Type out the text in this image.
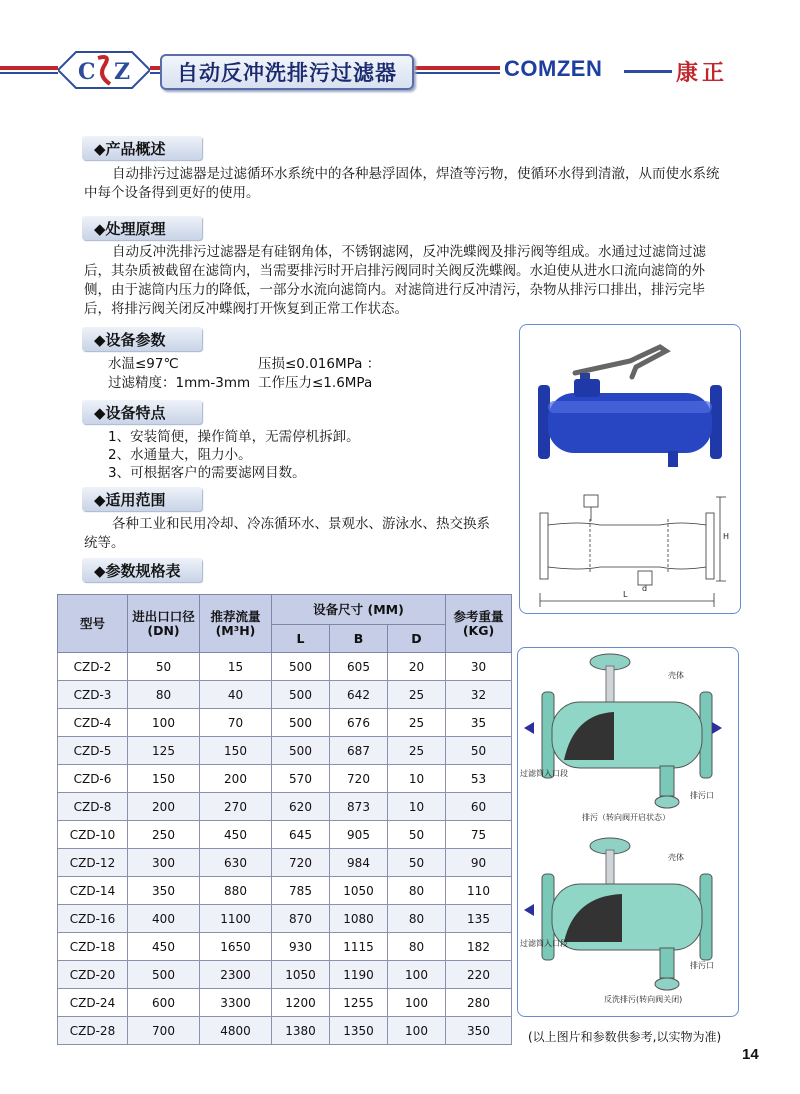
C Z 自动反冲洗排污过滤器	COMZEN	康正
◆产品概述
自动排污过滤器是过滤循环水系统中的各种悬浮固体，焊渣等污物，使循环水得到清澈，从而使水系统中每个设备得到更好的使用。
◆处理原理
自动反冲洗排污过滤器是有硅钢角体，不锈钢滤网，反冲洗蝶阀及排污阀等组成。水通过过滤筒过滤后，其杂质被截留在滤筒内，当需要排污时开启排污阀同时关阀反洗蝶阀。水迫使从进水口流向滤筒的外侧，由于滤筒内压力的降低，一部分水流向滤筒内。对滤筒进行反冲清污，杂物从排污口排出，排污完毕后，将排污阀关闭反冲蝶阀打开恢复到正常工作状态。
◆设备参数
水温≤97℃	压损≤0.016MPa ：
过滤精度：1mm-3mm 工作压力≤1.6MPa
◆设备特点
1、安装简便，操作简单，无需停机拆卸。
2、水通量大，阻力小。
3、可根据客户的需要滤网目数。
◆适用范围
各种工业和民用冷却、冷冻循环水、景观水、游泳水、热交换系统等。
◆参数规格表
型号	进出口口径(DN)	推荐流量(M³H)	设备尺寸 (MM)			参考重量(KG)
			L	B	D	
CZD-2	50	15	500	605	20	30
CZD-3	80	40	500	642	25	32
CZD-4	100	70	500	676	25	35
CZD-5	125	150	500	687	25	50
CZD-6	150	200	570	720	10	53
CZD-8	200	270	620	873	10	60
CZD-10	250	450	645	905	50	75
CZD-12	300	630	720	984	50	90
CZD-14	350	880	785	1050	80	110
CZD-16	400	1100	870	1080	80	135
CZD-18	450	1650	930	1115	80	182
CZD-20	500	2300	1050	1190	100	220
CZD-24	600	3300	1200	1255	100	280
CZD-28	700	4800	1380	1350	100	350
H
L
d
壳体
过滤筒入口段
排污口
排污（转向阀开启状态）
壳体
过滤筒入口段
排污口
反洗排污(转向阀关闭)
(以上图片和参数供参考,以实物为准)
14
